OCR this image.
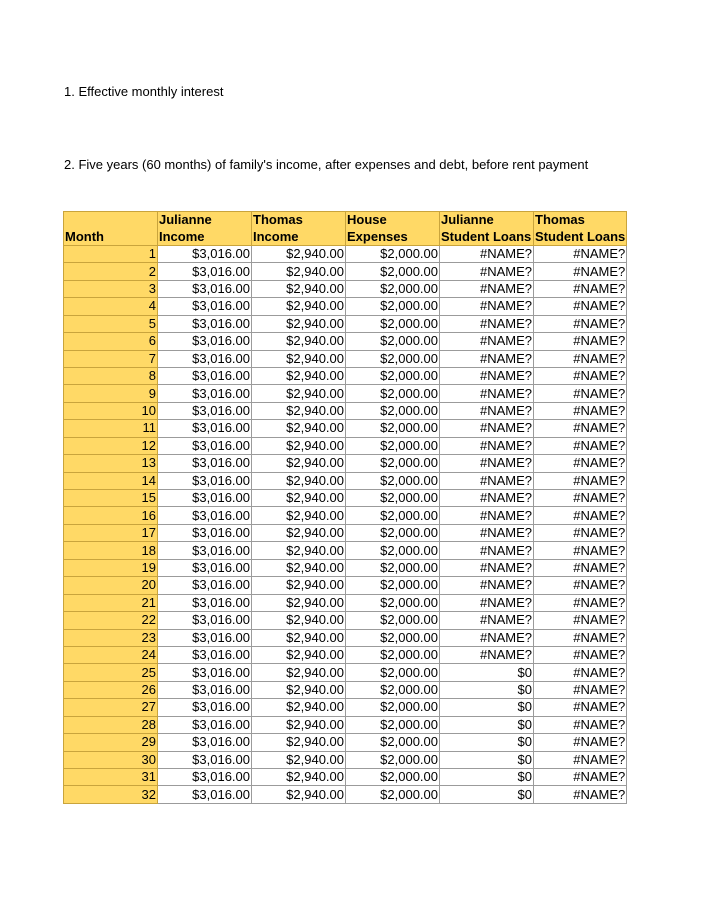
1. Effective monthly interest
2. Five years (60 months) of family's income, after expenses and debt, before rent payment
	Julianne	Thomas	House	Julianne	Thomas
Month	Income	Income	Expenses	Student Loans	Student Loans
1	$3,016.00	$2,940.00	$2,000.00	#NAME?	#NAME?
2	$3,016.00	$2,940.00	$2,000.00	#NAME?	#NAME?
3	$3,016.00	$2,940.00	$2,000.00	#NAME?	#NAME?
4	$3,016.00	$2,940.00	$2,000.00	#NAME?	#NAME?
5	$3,016.00	$2,940.00	$2,000.00	#NAME?	#NAME?
6	$3,016.00	$2,940.00	$2,000.00	#NAME?	#NAME?
7	$3,016.00	$2,940.00	$2,000.00	#NAME?	#NAME?
8	$3,016.00	$2,940.00	$2,000.00	#NAME?	#NAME?
9	$3,016.00	$2,940.00	$2,000.00	#NAME?	#NAME?
10	$3,016.00	$2,940.00	$2,000.00	#NAME?	#NAME?
11	$3,016.00	$2,940.00	$2,000.00	#NAME?	#NAME?
12	$3,016.00	$2,940.00	$2,000.00	#NAME?	#NAME?
13	$3,016.00	$2,940.00	$2,000.00	#NAME?	#NAME?
14	$3,016.00	$2,940.00	$2,000.00	#NAME?	#NAME?
15	$3,016.00	$2,940.00	$2,000.00	#NAME?	#NAME?
16	$3,016.00	$2,940.00	$2,000.00	#NAME?	#NAME?
17	$3,016.00	$2,940.00	$2,000.00	#NAME?	#NAME?
18	$3,016.00	$2,940.00	$2,000.00	#NAME?	#NAME?
19	$3,016.00	$2,940.00	$2,000.00	#NAME?	#NAME?
20	$3,016.00	$2,940.00	$2,000.00	#NAME?	#NAME?
21	$3,016.00	$2,940.00	$2,000.00	#NAME?	#NAME?
22	$3,016.00	$2,940.00	$2,000.00	#NAME?	#NAME?
23	$3,016.00	$2,940.00	$2,000.00	#NAME?	#NAME?
24	$3,016.00	$2,940.00	$2,000.00	#NAME?	#NAME?
25	$3,016.00	$2,940.00	$2,000.00	$0	#NAME?
26	$3,016.00	$2,940.00	$2,000.00	$0	#NAME?
27	$3,016.00	$2,940.00	$2,000.00	$0	#NAME?
28	$3,016.00	$2,940.00	$2,000.00	$0	#NAME?
29	$3,016.00	$2,940.00	$2,000.00	$0	#NAME?
30	$3,016.00	$2,940.00	$2,000.00	$0	#NAME?
31	$3,016.00	$2,940.00	$2,000.00	$0	#NAME?
32	$3,016.00	$2,940.00	$2,000.00	$0	#NAME?
